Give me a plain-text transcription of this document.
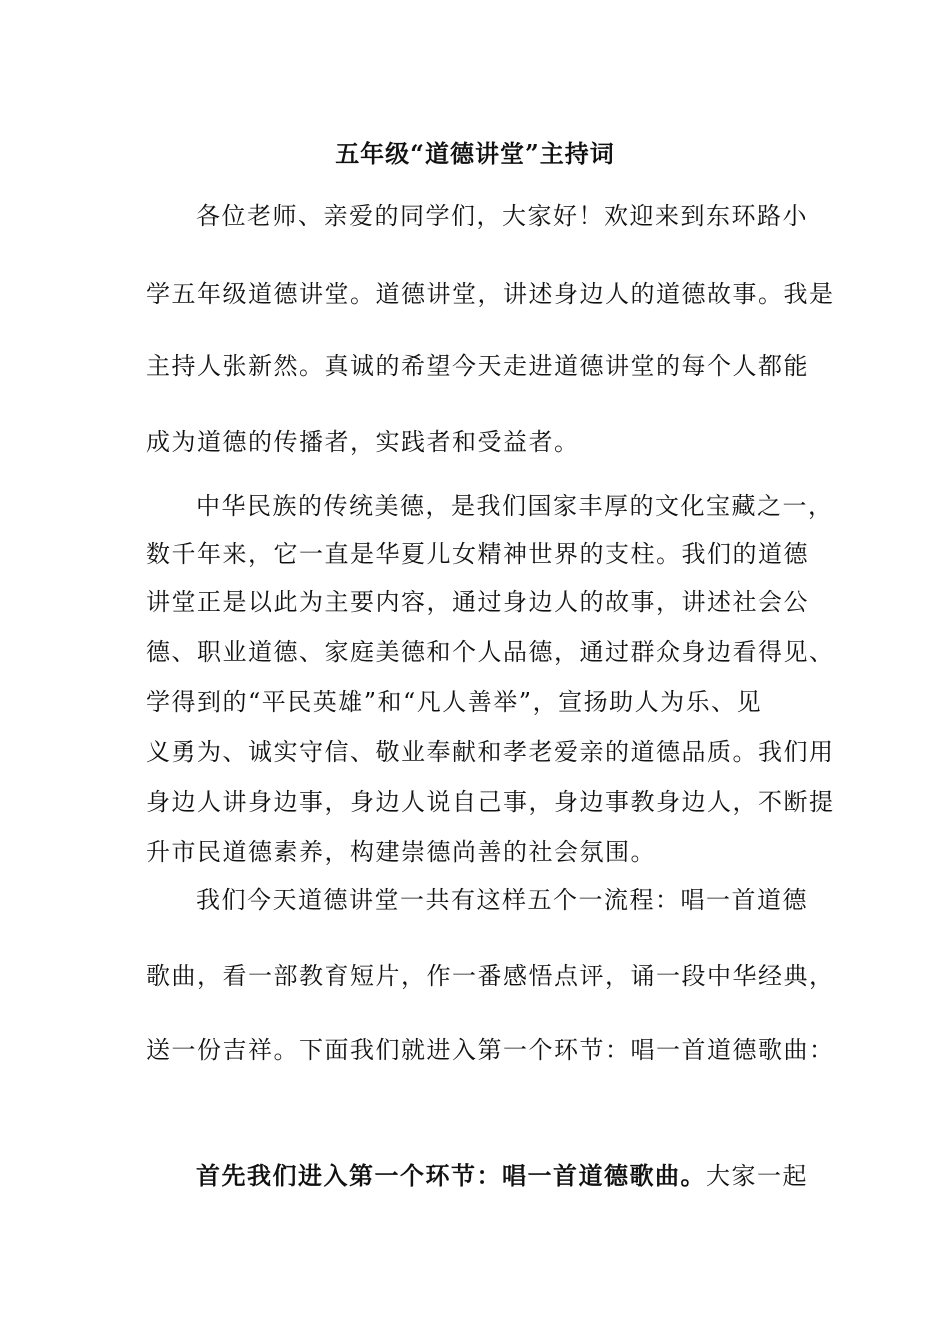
五年级“道德讲堂”主持词
各位老师、亲爱的同学们，大家好！欢迎来到东环路小
学五年级道德讲堂。道德讲堂，讲述身边人的道德故事。我是
主持人张新然。真诚的希望今天走进道德讲堂的每个人都能
成为道德的传播者，实践者和受益者。
中华民族的传统美德，是我们国家丰厚的文化宝藏之一，
数千年来，它一直是华夏儿女精神世界的支柱。我们的道德
讲堂正是以此为主要内容，通过身边人的故事，讲述社会公
德、职业道德、家庭美德和个人品德，通过群众身边看得见、
学得到的“平民英雄”和“凡人善举”，宣扬助人为乐、见
义勇为、诚实守信、敬业奉献和孝老爱亲的道德品质。我们用
身边人讲身边事，身边人说自己事，身边事教身边人，不断提
升市民道德素养，构建崇德尚善的社会氛围。
我们今天道德讲堂一共有这样五个一流程：唱一首道德
歌曲，看一部教育短片，作一番感悟点评，诵一段中华经典，
送一份吉祥。下面我们就进入第一个环节：唱一首道德歌曲：
首先我们进入第一个环节：唱一首道德歌曲。大家一起
